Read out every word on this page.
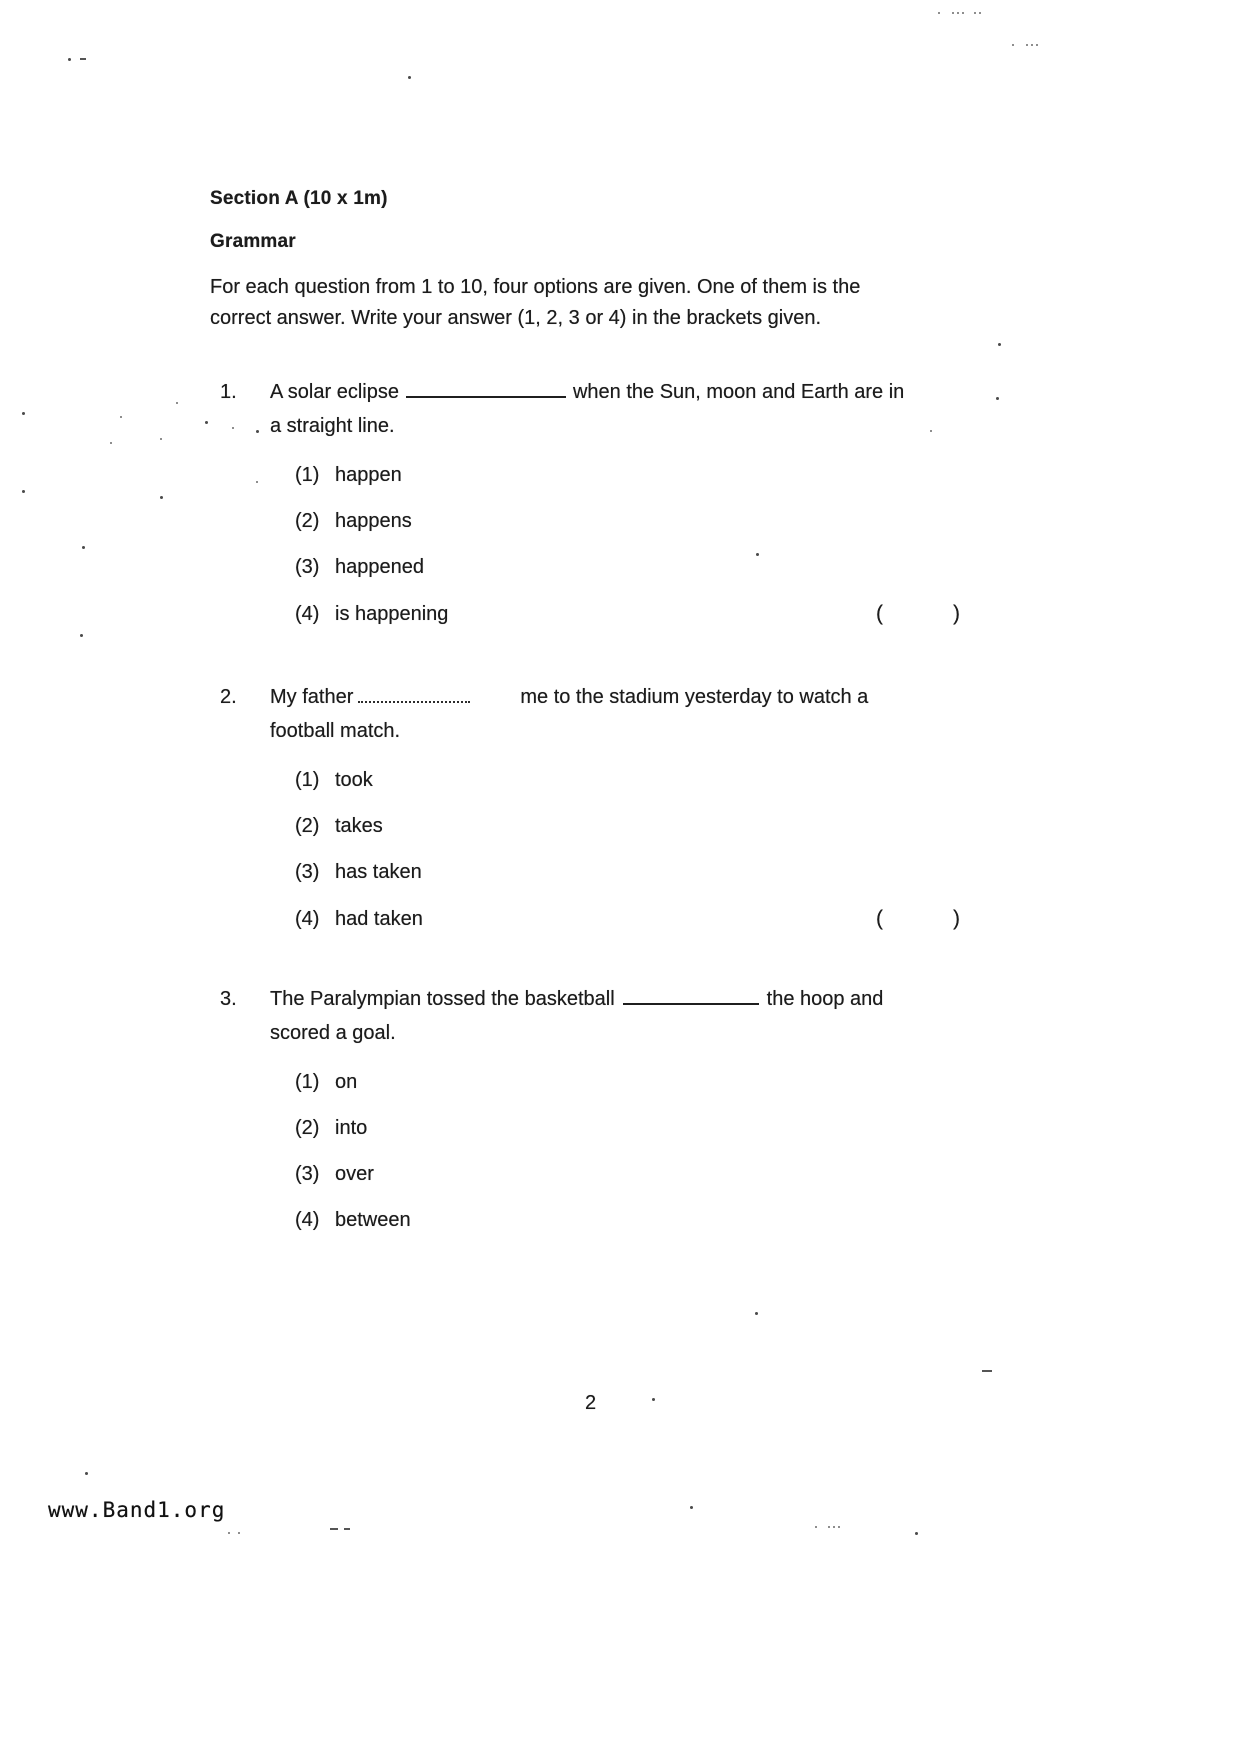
Section A (10 x 1m)
Grammar
For each question from 1 to 10, four options are given. One of them is the
correct answer. Write your answer (1, 2, 3 or 4) in the brackets given.
1.	A solar eclipse	when the Sun, moon and Earth are in
a straight line.
(1) happen
(2) happens
(3) happened
(4) is happening	(	)
2.	My father	me to the stadium yesterday to watch a
football match.
(1) took
(2) takes
(3) has taken
(4) had taken	(	)
3.	The Paralympian tossed the basketball	the hoop and
scored a goal.
(1) on
(2) into
(3) over
(4) between
2
www.Band1.org
